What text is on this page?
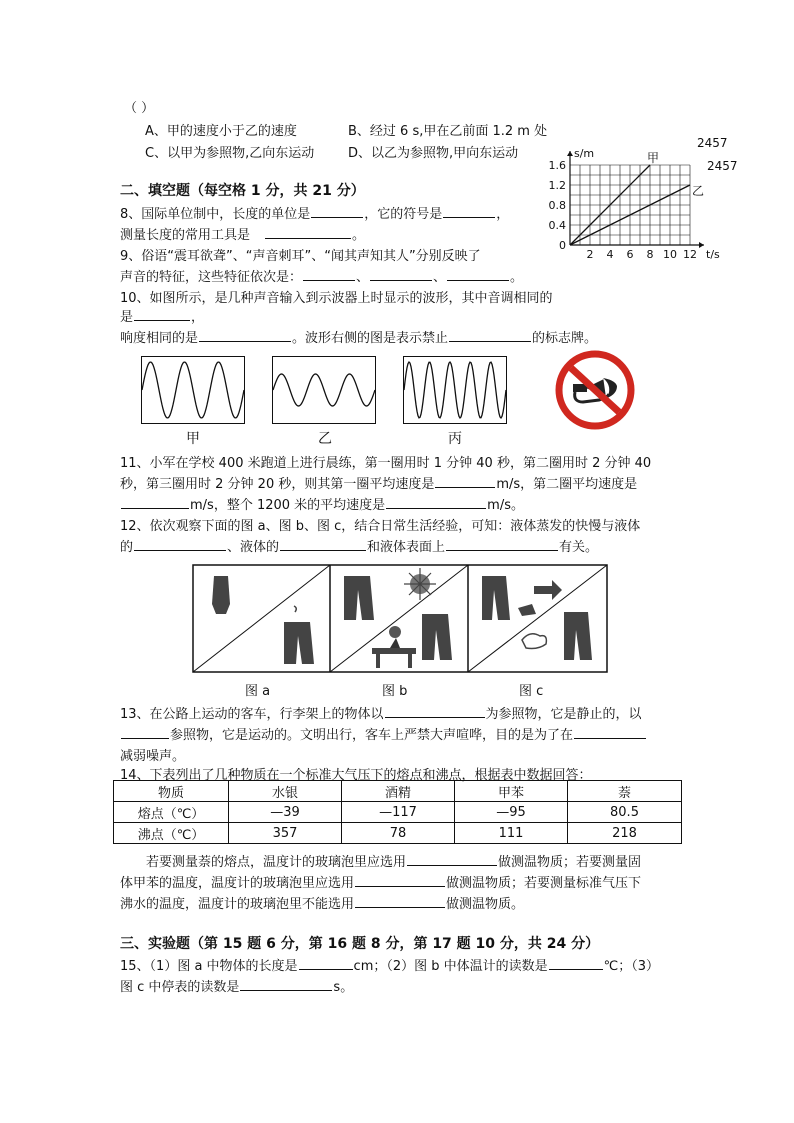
（ ）
A、甲的速度小于乙的速度	B、经过 6 s,甲在乙前面 1.2 m 处
C、以甲为参照物,乙向东运动	D、以乙为参照物,甲向东运动
2457
2457
1.6
1.2
0.8
0.4
0
2 4 6 8 10 12
s/m
t/s
甲
乙
二、填空题（每空格 1 分，共 21 分）
8、国际单位制中，长度的单位是	，它的符号是	，
测量长度的常用工具是	。
9、俗语“震耳欲聋”、“声音刺耳”、“闻其声知其人”分别反映了
声音的特征，这些特征依次是：	、	、	。
10、如图所示，是几种声音输入到示波器上时显示的波形，其中音调相同的
是	，
响度相同的是	。波形右侧的图是表示禁止	的标志牌。
甲	乙	丙
11、小军在学校 400 米跑道上进行晨练，第一圈用时 1 分钟 40 秒，第二圈用时 2 分钟 40
秒，第三圈用时 2 分钟 20 秒，则其第一圈平均速度是	m/s，第二圈平均速度是
m/s，整个 1200 米的平均速度是	m/s。
12、依次观察下面的图 a、图 b、图 c，结合日常生活经验，可知：液体蒸发的快慢与液体
的	、液体的	和液体表面上	有关。
图 a	图 b	图 c
13、在公路上运动的客车，行李架上的物体以	为参照物，它是静止的，以
参照物，它是运动的。文明出行，客车上严禁大声喧哗，目的是为了在
减弱噪声。
14、下表列出了几种物质在一个标准大气压下的熔点和沸点，根据表中数据回答：
物质	水银	酒精	甲苯	萘
熔点（℃）	—39	—117	—95	80.5
沸点（℃）	357	78	111	218
若要测量萘的熔点，温度计的玻璃泡里应选用	做测温物质；若要测量固
体甲苯的温度，温度计的玻璃泡里应选用	做测温物质；若要测量标准气压下
沸水的温度，温度计的玻璃泡里不能选用	做测温物质。
三、实验题（第 15 题 6 分，第 16 题 8 分，第 17 题 10 分，共 24 分）
15、（1）图 a 中物体的长度是	cm；（2）图 b 中体温计的读数是	℃；（3）
图 c 中停表的读数是	s。
